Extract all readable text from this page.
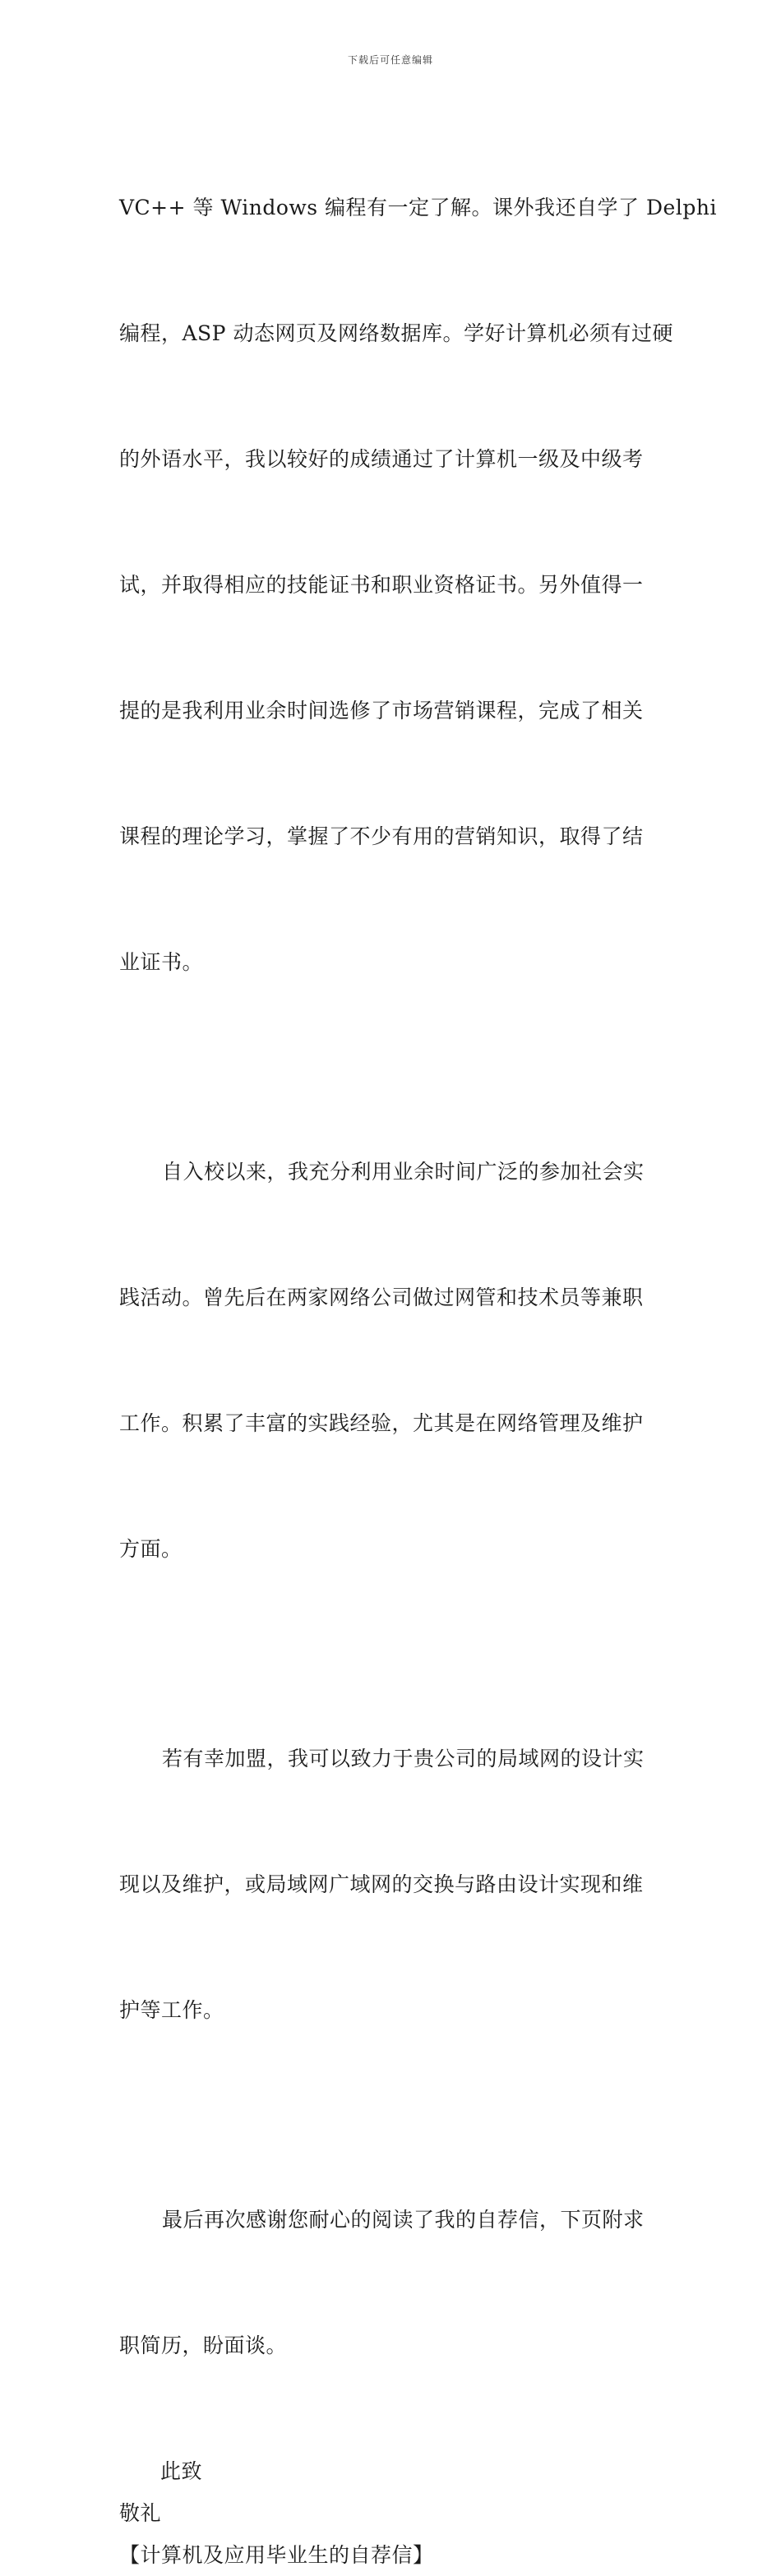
下载后可任意编辑

VC++ 等 Windows 编程有一定了解。课外我还自学了 Delphi

编程，ASP 动态网页及网络数据库。学好计算机必须有过硬

的外语水平，我以较好的成绩通过了计算机一级及中级考

试，并取得相应的技能证书和职业资格证书。另外值得一

提的是我利用业余时间选修了市场营销课程，完成了相关

课程的理论学习，掌握了不少有用的营销知识，取得了结

业证书。

自入校以来，我充分利用业余时间广泛的参加社会实

践活动。曾先后在两家网络公司做过网管和技术员等兼职

工作。积累了丰富的实践经验，尤其是在网络管理及维护

方面。

若有幸加盟，我可以致力于贵公司的局域网的设计实

现以及维护，或局域网广域网的交换与路由设计实现和维

护等工作。

最后再次感谢您耐心的阅读了我的自荐信，下页附求

职简历，盼面谈。

此致

敬礼

【计算机及应用毕业生的自荐信】
